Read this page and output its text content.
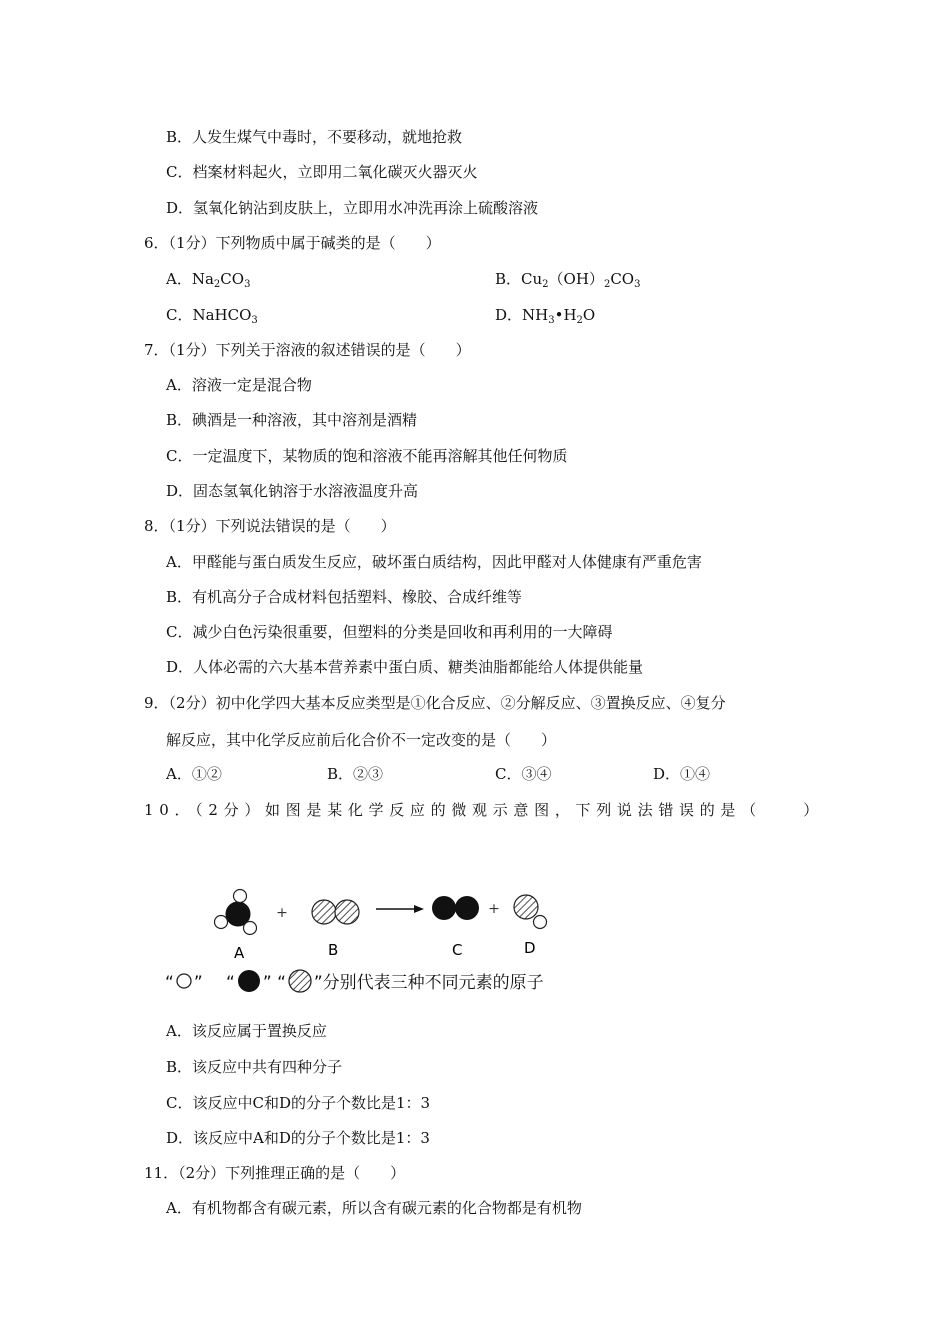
B．人发生煤气中毒时，不要移动，就地抢救
C．档案材料起火，立即用二氧化碳灭火器灭火
D．氢氧化钠沾到皮肤上，立即用水冲洗再涂上硫酸溶液
6．（1分）下列物质中属于碱类的是（　　）
A．$Na_2CO_3$	B．$Cu_2(OH)_2CO_3$
C．NaHCO$_3$	D．$NH_3•H_2O$
7．（1分）下列关于溶液的叙述错误的是（　　）
A．溶液一定是混合物
B．碘酒是一种溶液，其中溶剂是酒精
C．一定温度下，某物质的饱和溶液不能再溶解其他任何物质
D．固态氢氧化钠溶于水溶液温度升高
8．（1分）下列说法错误的是（　　）
A．甲醛能与蛋白质发生反应，破坏蛋白质结构，因此甲醛对人体健康有严重危害
B．有机高分子合成材料包括塑料、橡胶、合成纤维等
C．减少白色污染很重要，但塑料的分类是回收和再利用的一大障碍
D．人体必需的六大基本营养素中蛋白质、糖类油脂都能给人体提供能量
9．（2分）初中化学四大基本反应类型是①化合反应、②分解反应、③置换反应、④复分
解反应，其中化学反应前后化合价不一定改变的是（　　）
A．①②	B．②③	C．③④	D．①④
10．（2分）如图是某化学反应的微观示意图，下列说法错误的是（　　）
+	+
A	B	C	D
“ ” “ ” “ ”分别代表三种不同元素的原子
A．该反应属于置换反应
B．该反应中共有四种分子
C．该反应中C和D的分子个数比是1：3
D．该反应中A和D的分子个数比是1：3
11．（2分）下列推理正确的是（　　）
A．有机物都含有碳元素，所以含有碳元素的化合物都是有机物
